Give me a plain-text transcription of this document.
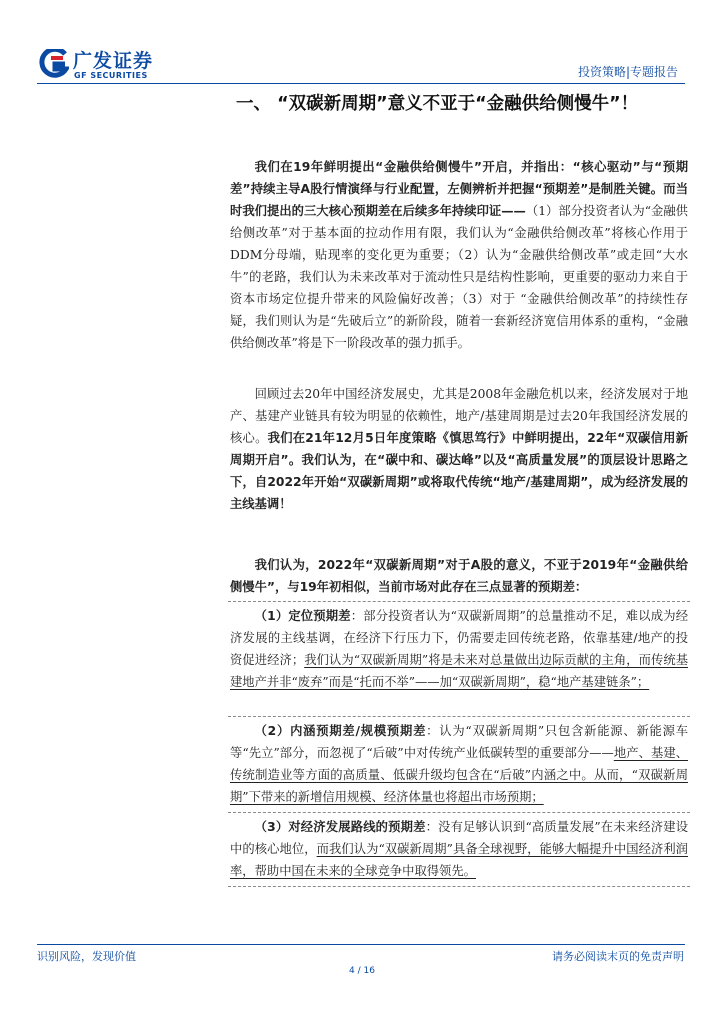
广发证券
GF SECURITIES	投资策略|专题报告
一、 “双碳新周期”意义不亚于“金融供给侧慢牛”！
我们在19年鲜明提出“金融供给侧慢牛”开启，并指出：“核心驱动”与“预期差”持续主导A股行情演绎与行业配置，左侧辨析并把握“预期差”是制胜关键。而当时我们提出的三大核心预期差在后续多年持续印证——（1）部分投资者认为“金融供给侧改革”对于基本面的拉动作用有限，我们认为“金融供给侧改革”将核心作用于DDM分母端，贴现率的变化更为重要；（2）认为“金融供给侧改革”或走回“大水牛”的老路，我们认为未来改革对于流动性只是结构性影响，更重要的驱动力来自于资本市场定位提升带来的风险偏好改善；（3）对于 “金融供给侧改革”的持续性存疑，我们则认为是“先破后立”的新阶段，随着一套新经济宽信用体系的重构，“金融供给侧改革”将是下一阶段改革的强力抓手。
回顾过去20年中国经济发展史，尤其是2008年金融危机以来，经济发展对于地产、基建产业链具有较为明显的依赖性，地产/基建周期是过去20年我国经济发展的核心。我们在21年12月5日年度策略《慎思笃行》中鲜明提出，22年“双碳信用新周期开启”。我们认为，在“碳中和、碳达峰”以及“高质量发展”的顶层设计思路之下，自2022年开始“双碳新周期”或将取代传统“地产/基建周期”，成为经济发展的主线基调！
我们认为，2022年“双碳新周期”对于A股的意义，不亚于2019年“金融供给侧慢牛”，与19年初相似，当前市场对此存在三点显著的预期差：
（1）定位预期差：部分投资者认为“双碳新周期”的总量推动不足，难以成为经济发展的主线基调，在经济下行压力下，仍需要走回传统老路，依靠基建/地产的投资促进经济；我们认为“双碳新周期”将是未来对总量做出边际贡献的主角，而传统基建地产并非“废弃”而是“托而不举”——加“双碳新周期”，稳“地产基建链条”；
（2）内涵预期差/规模预期差：认为“双碳新周期”只包含新能源、新能源车等“先立”部分，而忽视了“后破”中对传统产业低碳转型的重要部分——地产、基建、传统制造业等方面的高质量、低碳升级均包含在“后破”内涵之中。从而，“双碳新周期”下带来的新增信用规模、经济体量也将超出市场预期；
（3）对经济发展路线的预期差：没有足够认识到“高质量发展”在未来经济建设中的核心地位，而我们认为“双碳新周期”具备全球视野，能够大幅提升中国经济利润率，帮助中国在未来的全球竞争中取得领先。
识别风险，发现价值	请务必阅读末页的免责声明
4 / 16
